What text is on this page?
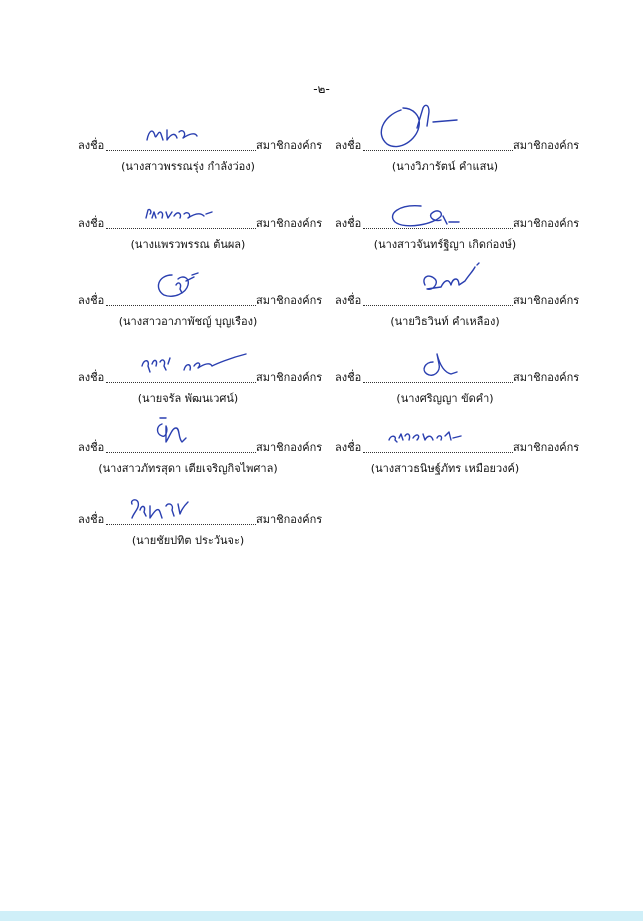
-๒-
ลงชื่อ	สมาชิกองค์กร
(นางสาวพรรณรุ่ง กำลังว่อง)
ลงชื่อ	สมาชิกองค์กร
(นางวิภารัตน์ คำแสน)
ลงชื่อ	สมาชิกองค์กร
(นางแพรวพรรณ ต้นผล)
ลงชื่อ	สมาชิกองค์กร
(นางสาวจันทร์ฐิญา เกิดก่องษ์)
ลงชื่อ	สมาชิกองค์กร
(นางสาวอาภาพัชญ์ บุญเรือง)
ลงชื่อ	สมาชิกองค์กร
(นายวิธวินท์ คำเหลือง)
ลงชื่อ	สมาชิกองค์กร
(นายจรัล พัฒนเวศน์)
ลงชื่อ	สมาชิกองค์กร
(นางศริญญา ขัดคำ)
ลงชื่อ	สมาชิกองค์กร
(นางสาวภัทรสุดา เตียเจริญกิจไพศาล)
ลงชื่อ	สมาชิกองค์กร
(นางสาวธนิษฐ์ภัทร เหมือยวงค์)
ลงชื่อ	สมาชิกองค์กร
(นายชัยปทิต ประวันจะ)
